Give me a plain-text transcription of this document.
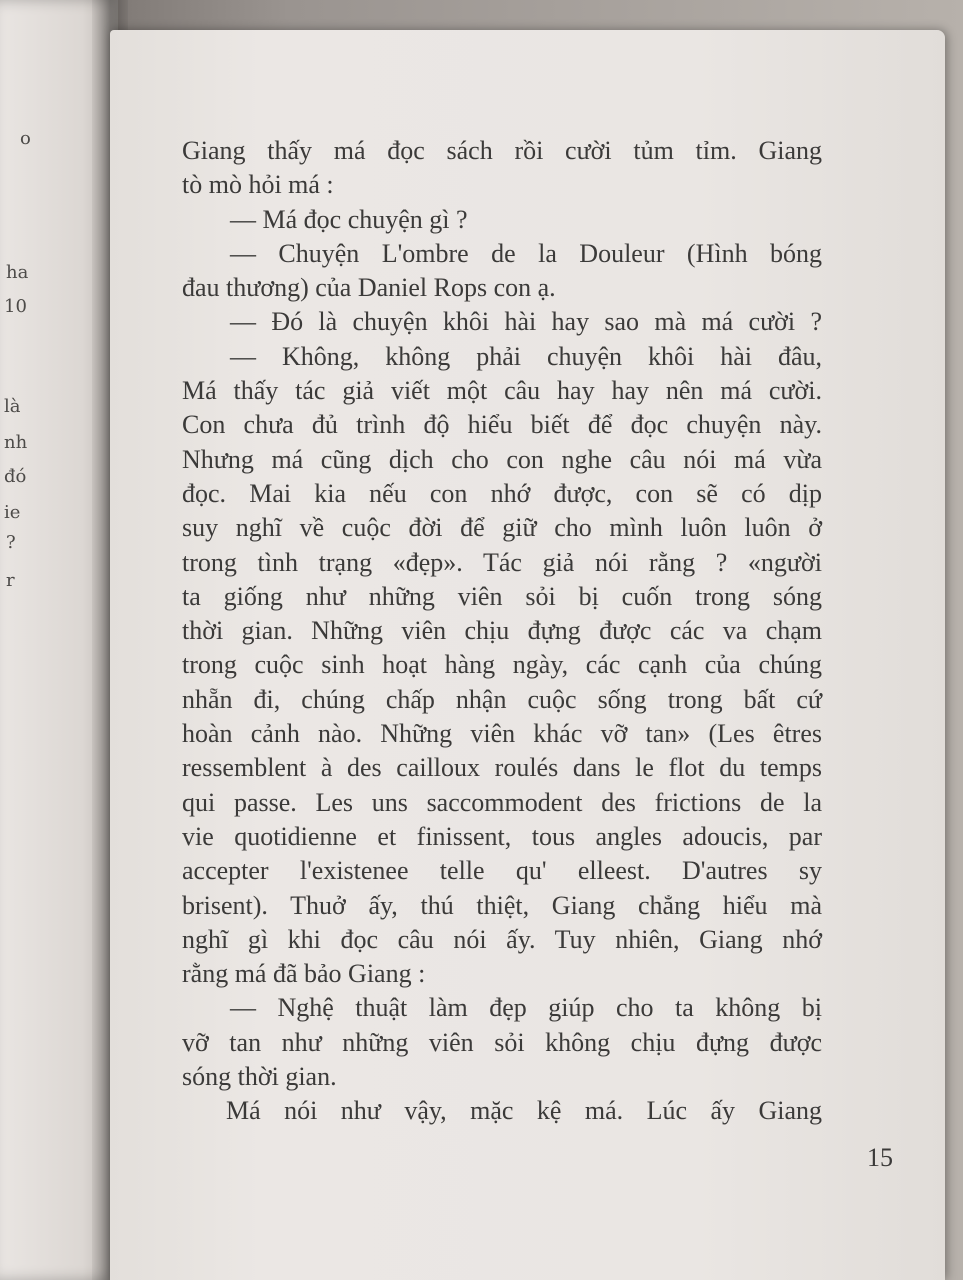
o
ha
10
là
nh
đó
ie
?
r
Giang thấy má đọc sách rồi cười tủm tỉm. Giang
tò mò hỏi má :
— Má đọc chuyện gì ?
— Chuyện L'ombre de la Douleur (Hình bóng
đau thương) của Daniel Rops con ạ.
— Đó là chuyện khôi hài hay sao mà má cười ?
— Không, không phải chuyện khôi hài đâu,
Má thấy tác giả viết một câu hay hay nên má cười.
Con chưa đủ trình độ hiểu biết để đọc chuyện này.
Nhưng má cũng dịch cho con nghe câu nói má vừa
đọc. Mai kia nếu con nhớ được, con sẽ có dịp
suy nghĩ về cuộc đời để giữ cho mình luôn luôn ở
trong tình trạng «đẹp». Tác giả nói rằng ? «người
ta giống như những viên sỏi bị cuốn trong sóng
thời gian. Những viên chịu đựng được các va chạm
trong cuộc sinh hoạt hàng ngày, các cạnh của chúng
nhẵn đi, chúng chấp nhận cuộc sống trong bất cứ
hoàn cảnh nào. Những viên khác vỡ tan» (Les êtres
ressemblent à des cailloux roulés dans le flot du temps
qui passe. Les uns saccommodent des frictions de la
vie quotidienne et finissent, tous angles adoucis, par
accepter l'existenee telle qu' elleest. D'autres sy
brisent). Thuở ấy, thú thiệt, Giang chẳng hiểu mà
nghĩ gì khi đọc câu nói ấy. Tuy nhiên, Giang nhớ
rằng má đã bảo Giang :
— Nghệ thuật làm đẹp giúp cho ta không bị
vỡ tan như những viên sỏi không chịu đựng được
sóng thời gian.
Má nói như vậy, mặc kệ má. Lúc ấy Giang
15
